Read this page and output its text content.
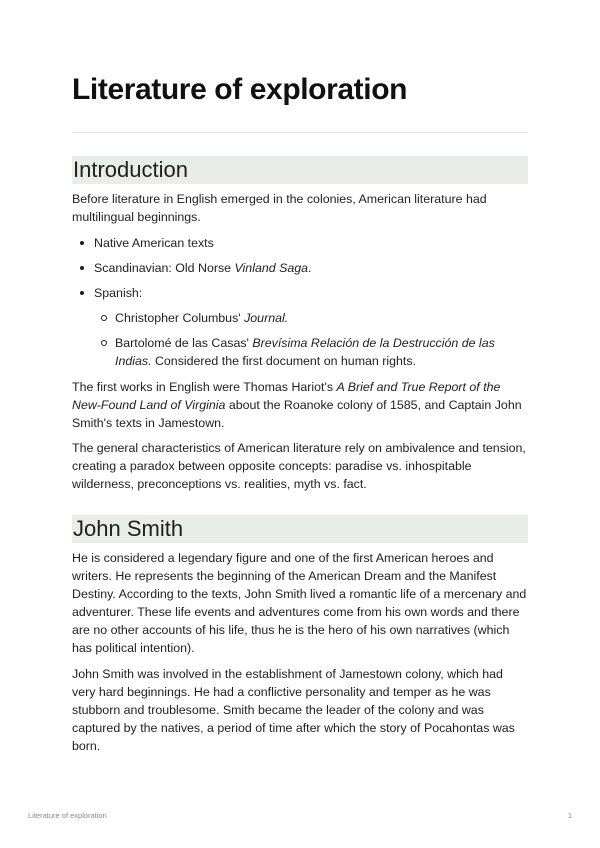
Literature of exploration
Introduction

Before literature in English emerged in the colonies, American literature had multilingual beginnings.

Native American texts
Scandinavian: Old Norse Vinland Saga.
Spanish:
Christopher Columbus' Journal.
Bartolomé de las Casas' Brevísima Relación de la Destrucción de las Indias. Considered the first document on human rights.

The first works in English were Thomas Hariot's A Brief and True Report of the New-Found Land of Virginia about the Roanoke colony of 1585, and Captain John Smith's texts in Jamestown.

The general characteristics of American literature rely on ambivalence and tension, creating a paradox between opposite concepts: paradise vs. inhospitable wilderness, preconceptions vs. realities, myth vs. fact.

John Smith

He is considered a legendary figure and one of the first American heroes and writers. He represents the beginning of the American Dream and the Manifest Destiny. According to the texts, John Smith lived a romantic life of a mercenary and adventurer. These life events and adventures come from his own words and there are no other accounts of his life, thus he is the hero of his own narratives (which has political intention).

John Smith was involved in the establishment of Jamestown colony, which had very hard beginnings. He had a conflictive personality and temper as he was stubborn and troublesome. Smith became the leader of the colony and was captured by the natives, a period of time after which the story of Pocahontas was born.

Literature of exploration	1
